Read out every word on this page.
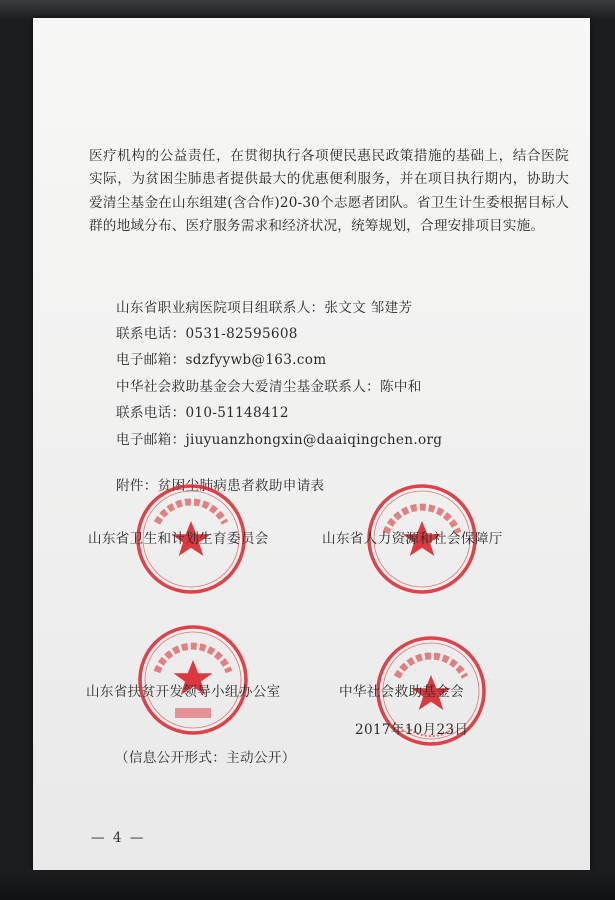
医疗机构的公益责任，在贯彻执行各项便民惠民政策措施的基础上，结合医院实际，为贫困尘肺患者提供最大的优惠便利服务，并在项目执行期内，协助大爱清尘基金在山东组建(含合作)20-30个志愿者团队。省卫生计生委根据目标人群的地域分布、医疗服务需求和经济状况，统筹规划，合理安排项目实施。

山东省职业病医院项目组联系人：张文文 邹建芳
联系电话：0531-82595608
电子邮箱：sdzfyywb@163.com
中华社会救助基金会大爱清尘基金联系人：陈中和
联系电话：010-51148412
电子邮箱：jiuyuanzhongxin@daaiqingchen.org
附件：贫困尘肺病患者救助申请表
山东省卫生和计划生育委员会	山东省人力资源和社会保障厅
山东省扶贫开发领导小组办公室	中华社会救助基金会
2017年10月23日
（信息公开形式：主动公开）
— 4 —
